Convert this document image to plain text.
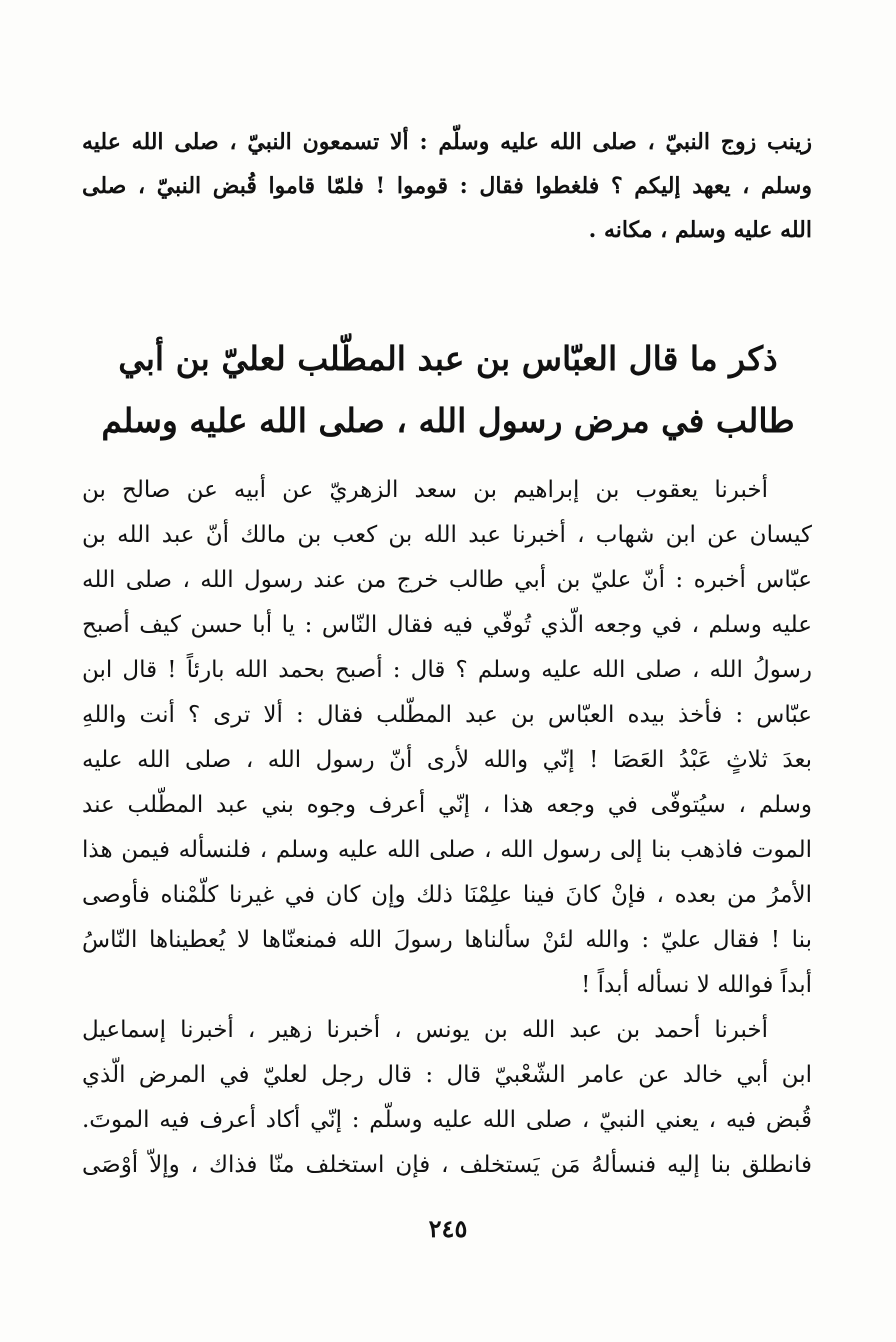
زينب زوج النبيّ ، صلى الله عليه وسلّم : ألا تسمعون النبيّ ، صلى الله عليه
وسلم ، يعهد إليكم ؟ فلغطوا فقال : قوموا ! فلمّا قاموا قُبض النبيّ ، صلى
الله عليه وسلم ، مكانه .
ذكر ما قال العبّاس بن عبد المطّلب لعليّ بن أبي
طالب في مرض رسول الله ، صلى الله عليه وسلم
أخبرنا يعقوب بن إبراهيم بن سعد الزهريّ عن أبيه عن صالح بن
كيسان عن ابن شهاب ، أخبرنا عبد الله بن كعب بن مالك أنّ عبد الله بن
عبّاس أخبره : أنّ عليّ بن أبي طالب خرج من عند رسول الله ، صلى الله
عليه وسلم ، في وجعه الّذي تُوفّي فيه فقال النّاس : يا أبا حسن كيف أصبح
رسولُ الله ، صلى الله عليه وسلم ؟ قال : أصبح بحمد الله بارئاً ! قال ابن
عبّاس : فأخذ بيده العبّاس بن عبد المطّلب فقال : ألا ترى ؟ أنت واللهِ
بعدَ ثلاثٍ عَبْدُ العَصَا ! إنّي والله لأرى أنّ رسول الله ، صلى الله عليه
وسلم ، سيُتوفّى في وجعه هذا ، إنّي أعرف وجوه بني عبد المطّلب عند
الموت فاذهب بنا إلى رسول الله ، صلى الله عليه وسلم ، فلنسأله فيمن هذا
الأمرُ من بعده ، فإنْ كانَ فينا علِمْنَا ذلك وإن كان في غيرنا كلّمْناه فأوصى
بنا ! فقال عليّ : والله لئنْ سألناها رسولَ الله فمنعنّاها لا يُعطيناها النّاسُ
أبداً فوالله لا نسأله أبداً !
أخبرنا أحمد بن عبد الله بن يونس ، أخبرنا زهير ، أخبرنا إسماعيل
ابن أبي خالد عن عامر الشّعْبيّ قال : قال رجل لعليّ في المرض الّذي
قُبض فيه ، يعني النبيّ ، صلى الله عليه وسلّم : إنّي أكاد أعرف فيه الموتَ.
فانطلق بنا إليه فنسألهُ مَن يَستخلف ، فإن استخلف منّا فذاك ، وإلاّ أوْصَى
٢٤٥
